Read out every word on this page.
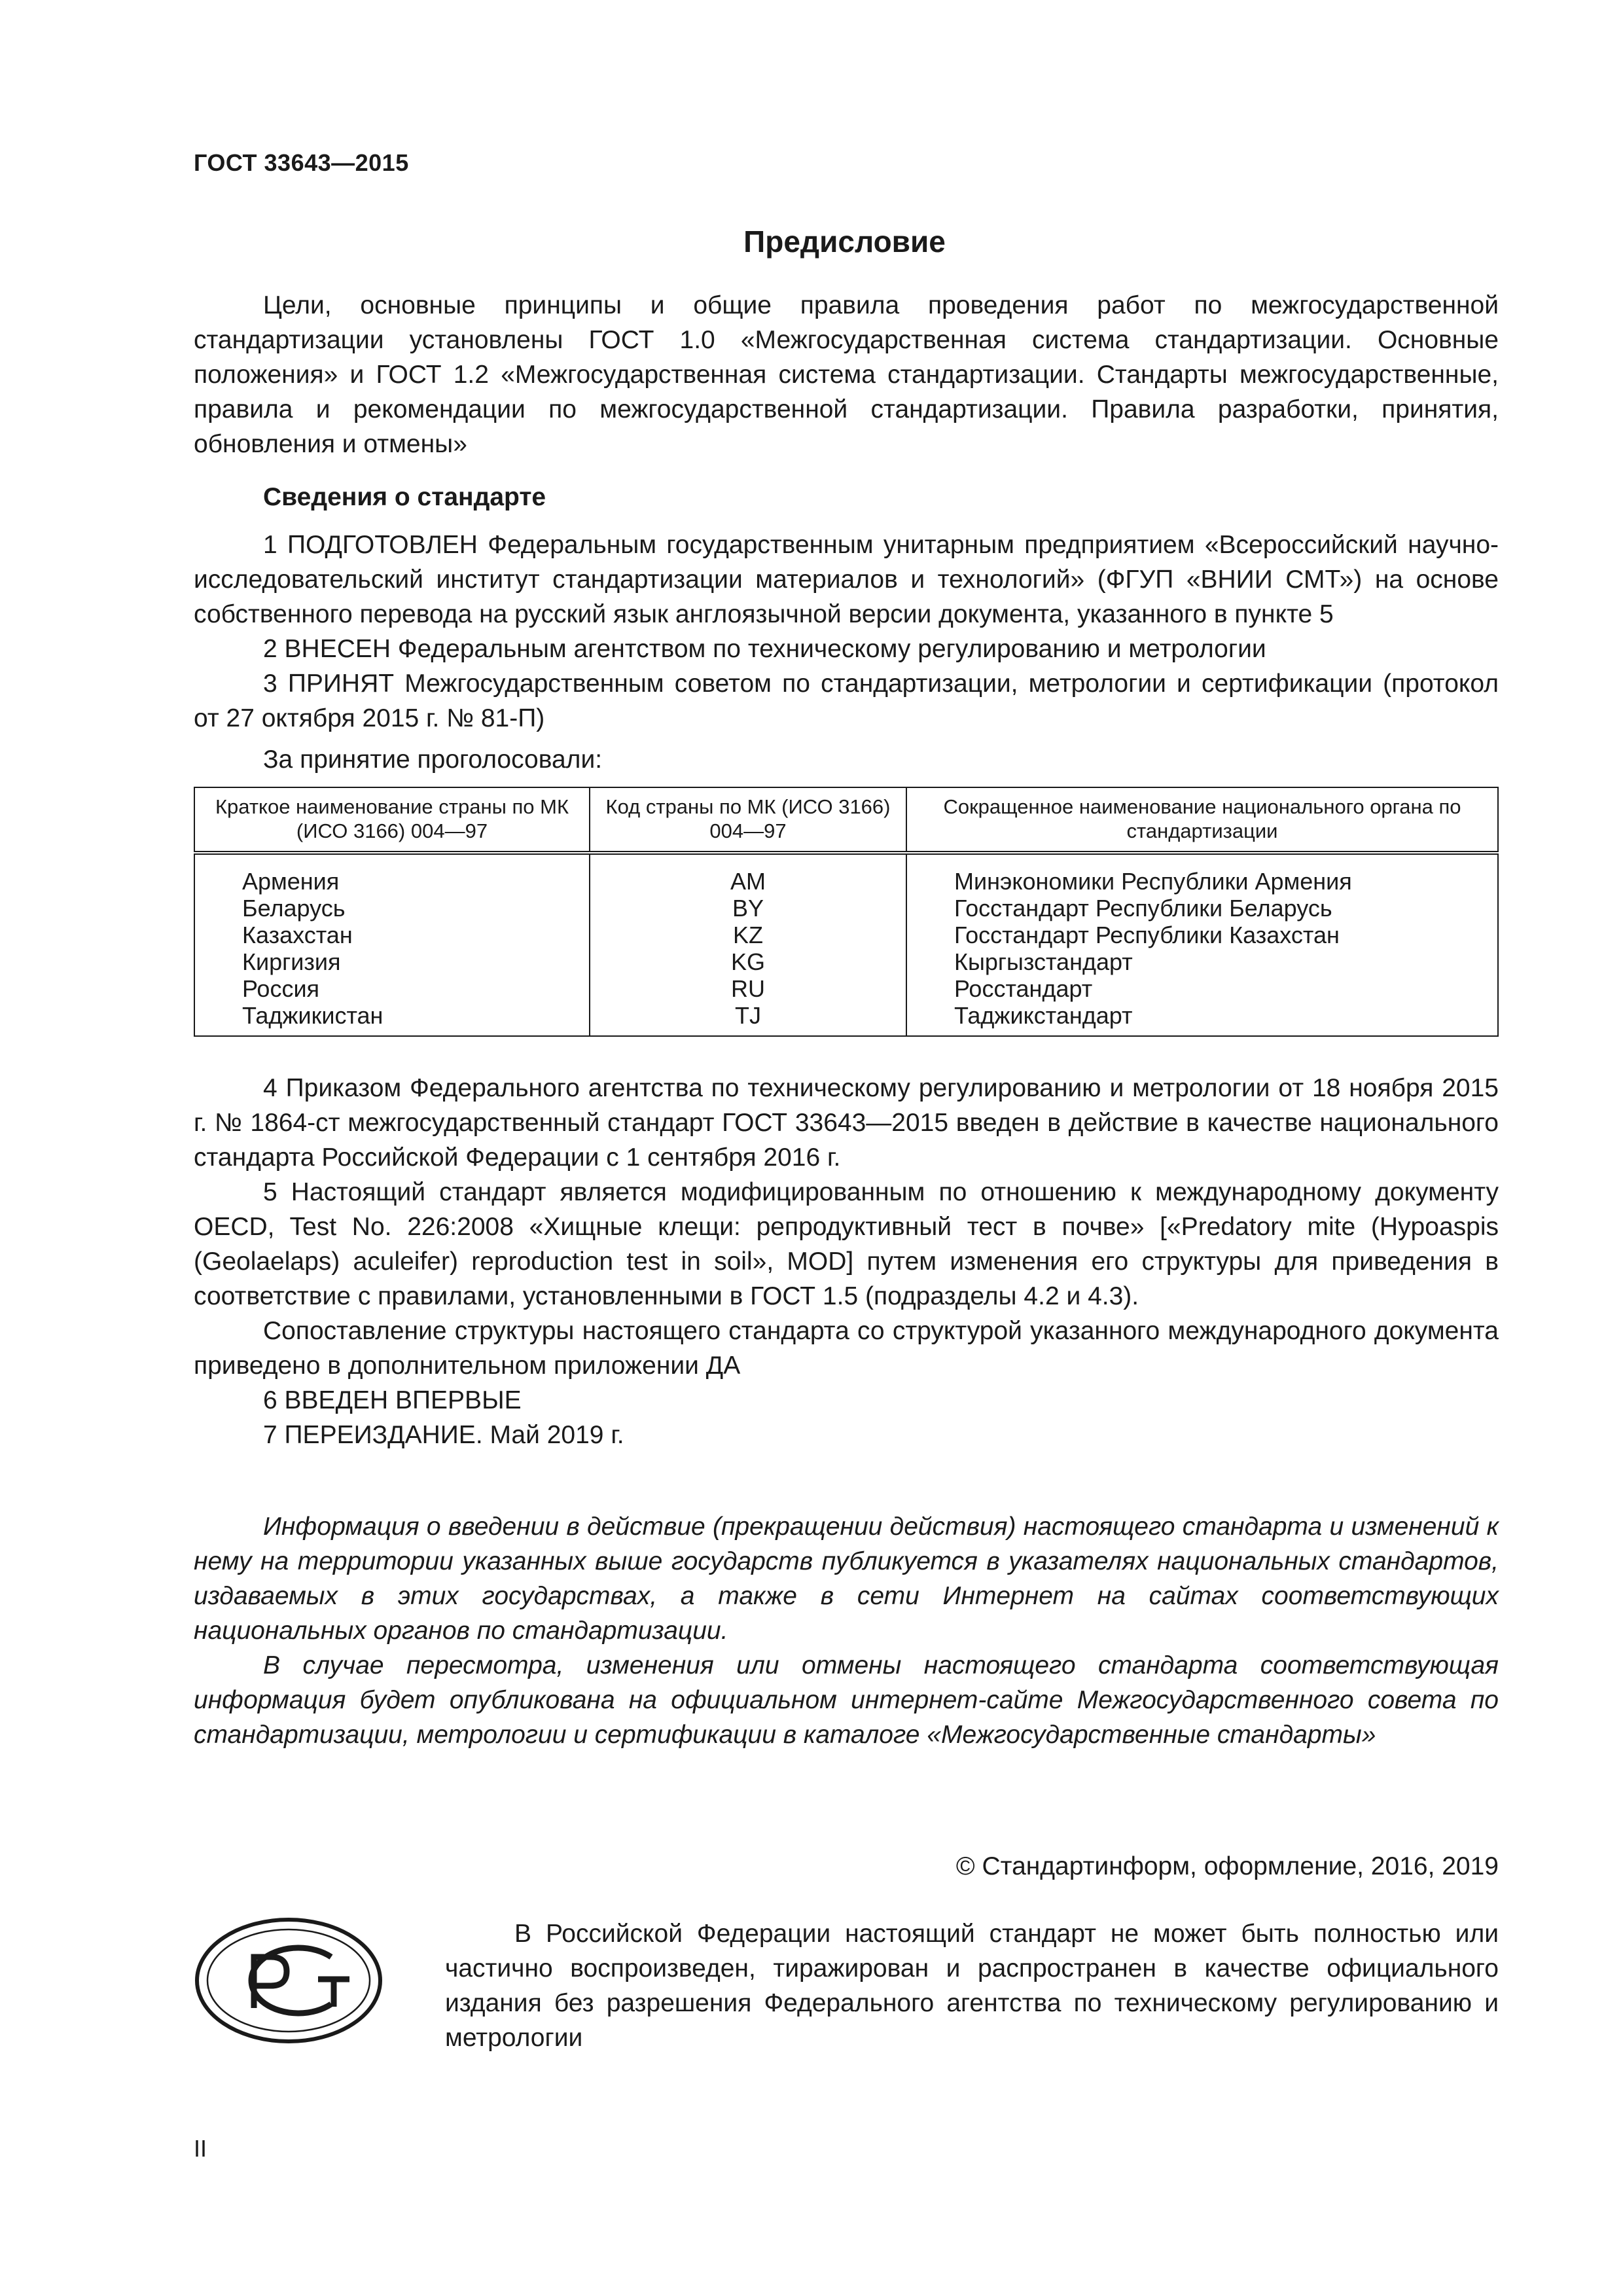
ГОСТ 33643—2015
Предисловие

Цели, основные принципы и общие правила проведения работ по межгосударственной стандартизации установлены ГОСТ 1.0 «Межгосударственная система стандартизации. Основные положения» и ГОСТ 1.2 «Межгосударственная система стандартизации. Стандарты межгосударственные, правила и рекомендации по межгосударственной стандартизации. Правила разработки, принятия, обновления и отмены»

Сведения о стандарте

1 ПОДГОТОВЛЕН Федеральным государственным унитарным предприятием «Всероссийский научно-исследовательский институт стандартизации материалов и технологий» (ФГУП «ВНИИ СМТ») на основе собственного перевода на русский язык англоязычной версии документа, указанного в пункте 5

2 ВНЕСЕН Федеральным агентством по техническому регулированию и метрологии

3 ПРИНЯТ Межгосударственным советом по стандартизации, метрологии и сертификации (протокол от 27 октября 2015 г. № 81-П)

За принятие проголосовали:

Краткое наименование страны по МК (ИСО 3166) 004—97	Код страны по МК (ИСО 3166) 004—97	Сокращенное наименование национального органа по стандартизации
Армения	AM	Минэкономики Республики Армения
Беларусь	BY	Госстандарт Республики Беларусь
Казахстан	KZ	Госстандарт Республики Казахстан
Киргизия	KG	Кыргызстандарт
Россия	RU	Росстандарт
Таджикистан	TJ	Таджикстандарт

4 Приказом Федерального агентства по техническому регулированию и метрологии от 18 ноября 2015 г. № 1864-ст межгосударственный стандарт ГОСТ 33643—2015 введен в действие в качестве национального стандарта Российской Федерации с 1 сентября 2016 г.

5 Настоящий стандарт является модифицированным по отношению к международному документу OECD, Test No. 226:2008 «Хищные клещи: репродуктивный тест в почве» [«Predatory mite (Hypoaspis (Geolaelaps) aculeifer) reproduction test in soil», MOD] путем изменения его структуры для приведения в соответствие с правилами, установленными в ГОСТ 1.5 (подразделы 4.2 и 4.3).

Сопоставление структуры настоящего стандарта со структурой указанного международного документа приведено в дополнительном приложении ДА

6 ВВЕДЕН ВПЕРВЫЕ

7 ПЕРЕИЗДАНИЕ. Май 2019 г.

Информация о введении в действие (прекращении действия) настоящего стандарта и изменений к нему на территории указанных выше государств публикуется в указателях национальных стандартов, издаваемых в этих государствах, а также в сети Интернет на сайтах соответствующих национальных органов по стандартизации.

В случае пересмотра, изменения или отмены настоящего стандарта соответствующая информация будет опубликована на официальном интернет-сайте Межгосударственного совета по стандартизации, метрологии и сертификации в каталоге «Межгосударственные стандарты»

© Стандартинформ, оформление, 2016, 2019

В Российской Федерации настоящий стандарт не может быть полностью или частично воспроизведен, тиражирован и распространен в качестве официального издания без разрешения Федерального агентства по техническому регулированию и метрологии

II
